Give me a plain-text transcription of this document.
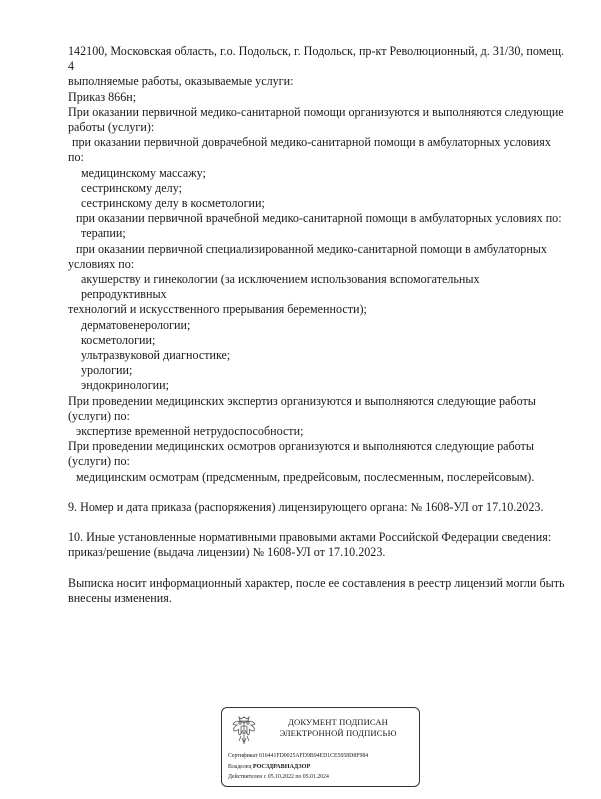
142100, Московская область, г.о. Подольск, г. Подольск, пр-кт Революционный, д. 31/30, помещ.

4

выполняемые работы, оказываемые услуги:

Приказ 866н;

При оказании первичной медико-санитарной помощи организуются и выполняются следующие

работы (услуги):

при оказании первичной доврачебной медико-санитарной помощи в амбулаторных условиях

по:

медицинскому массажу;

сестринскому делу;

сестринскому делу в косметологии;

при оказании первичной врачебной медико-санитарной помощи в амбулаторных условиях по:

терапии;

при оказании первичной специализированной медико-санитарной помощи в амбулаторных

условиях по:

акушерству и гинекологии (за исключением использования вспомогательных репродуктивных

технологий и искусственного прерывания беременности);

дерматовенерологии;

косметологии;

ультразвуковой диагностике;

урологии;

эндокринологии;

При проведении медицинских экспертиз организуются и выполняются следующие работы

(услуги) по:

экспертизе временной нетрудоспособности;

При проведении медицинских осмотров организуются и выполняются следующие работы

(услуги) по:

медицинским осмотрам (предсменным, предрейсовым, послесменным, послерейсовым).

9. Номер и дата приказа (распоряжения) лицензирующего органа: № 1608-УЛ от 17.10.2023.

10. Иные установленные нормативными правовыми актами Российской Федерации сведения:

приказ/решение (выдача лицензии) № 1608-УЛ от 17.10.2023.

Выписка носит информационный характер, после ее составления в реестр лицензий могли быть

внесены изменения.

ДОКУМЕНТ ПОДПИСАН
ЭЛЕКТРОННОЙ ПОДПИСЬЮ
Сертификат 016441FD0025AFD9B94ED1CE5058D8F984
Владелец РОСЗДРАВНАДЗОР
Действителен с 05.10.2022 по 05.01.2024
